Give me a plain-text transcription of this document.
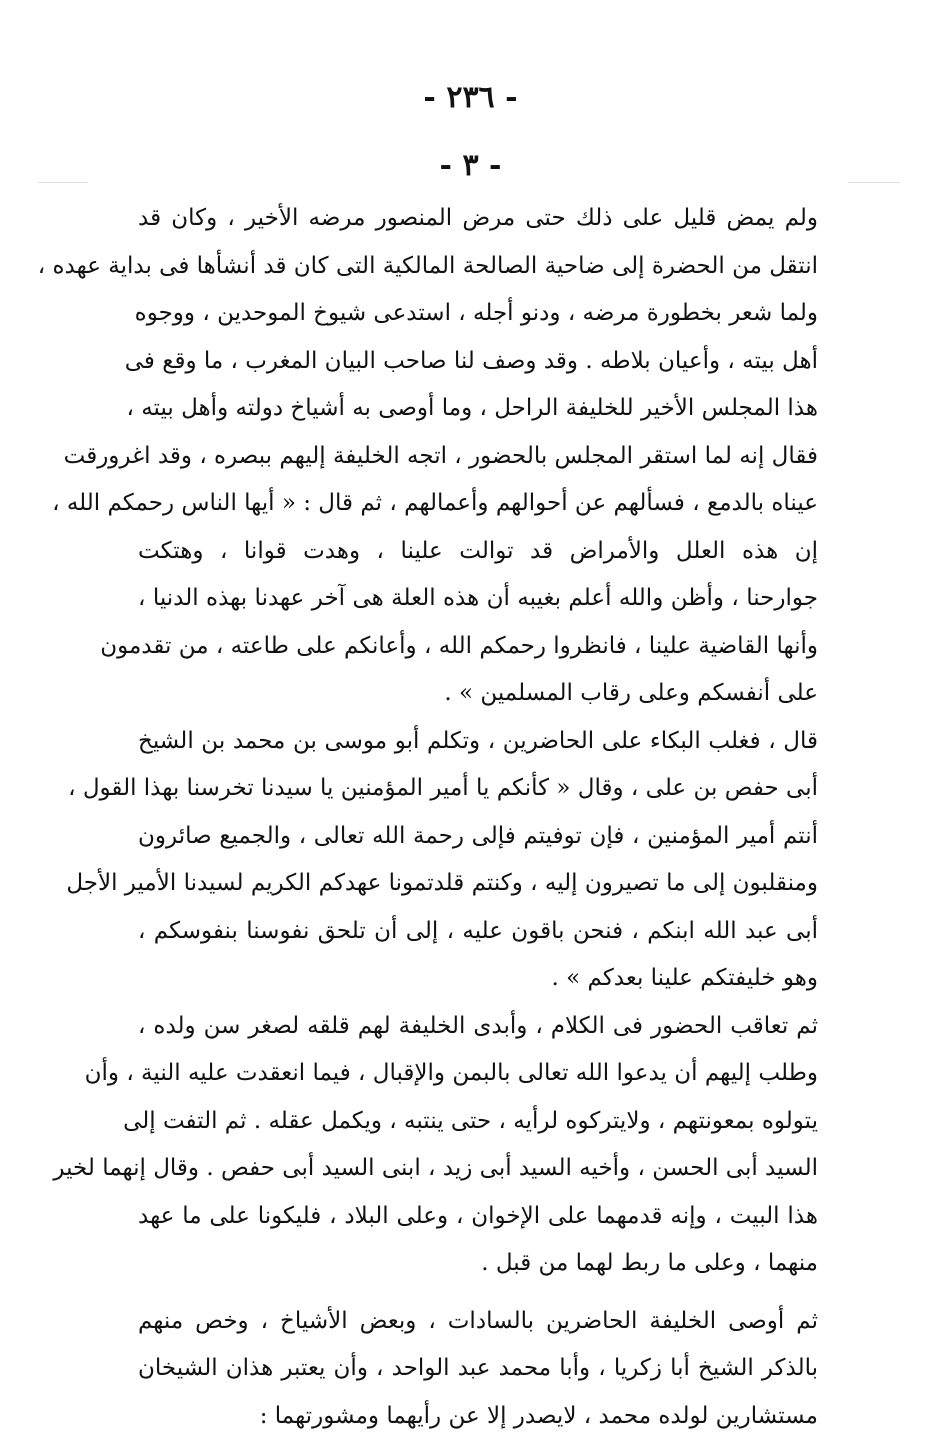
- ٢٣٦ -
- ٣ -
ولم يمض قليل على ذلك حتى مرض المنصور مرضه الأخير ، وكان قد
انتقل من الحضرة إلى ضاحية الصالحة المالكية التى كان قد أنشأها فى بداية عهده ،
ولما شعر بخطورة مرضه ، ودنو أجله ، استدعى شيوخ الموحدين ، ووجوه
أهل بيته ، وأعيان بلاطه . وقد وصف لنا صاحب البيان المغرب ، ما وقع فى
هذا المجلس الأخير للخليفة الراحل ، وما أوصى به أشياخ دولته وأهل بيته ،
فقال إنه لما استقر المجلس بالحضور ، اتجه الخليفة إليهم ببصره ، وقد اغرورقت
عيناه بالدمع ، فسألهم عن أحوالهم وأعمالهم ، ثم قال : « أيها الناس رحمكم الله ،
إن هذه العلل والأمراض قد توالت علينا ، وهدت قوانا ، وهتكت
جوارحنا ، وأظن والله أعلم بغيبه أن هذه العلة هى آخر عهدنا بهذه الدنيا ،
وأنها القاضية علينا ، فانظروا رحمكم الله ، وأعانكم على طاعته ، من تقدمون
على أنفسكم وعلى رقاب المسلمين » .
قال ، فغلب البكاء على الحاضرين ، وتكلم أبو موسى بن محمد بن الشيخ
أبى حفص بن على ، وقال « كأنكم يا أمير المؤمنين يا سيدنا تخرسنا بهذا القول ،
أنتم أمير المؤمنين ، فإن توفيتم فإلى رحمة الله تعالى ، والجميع صائرون
ومنقلبون إلى ما تصيرون إليه ، وكنتم قلدتمونا عهدكم الكريم لسيدنا الأمير الأجل
أبى عبد الله ابنكم ، فنحن باقون عليه ، إلى أن تلحق نفوسنا بنفوسكم ،
وهو خليفتكم علينا بعدكم » .
ثم تعاقب الحضور فى الكلام ، وأبدى الخليفة لهم قلقه لصغر سن ولده ،
وطلب إليهم أن يدعوا الله تعالى بالبمن والإقبال ، فيما انعقدت عليه النية ، وأن
يتولوه بمعونتهم ، ولايتركوه لرأيه ، حتى ينتبه ، ويكمل عقله . ثم التفت إلى
السيد أبى الحسن ، وأخيه السيد أبى زيد ، ابنى السيد أبى حفص . وقال إنهما لخير
هذا البيت ، وإنه قدمهما على الإخوان ، وعلى البلاد ، فليكونا على ما عهد
منهما ، وعلى ما ربط لهما من قبل .
ثم أوصى الخليفة الحاضرين بالسادات ، وبعض الأشياخ ، وخص منهم
بالذكر الشيخ أبا زكريا ، وأبا محمد عبد الواحد ، وأن يعتبر هذان الشيخان
مستشارين لولده محمد ، لايصدر إلا عن رأيهما ومشورتهما :
